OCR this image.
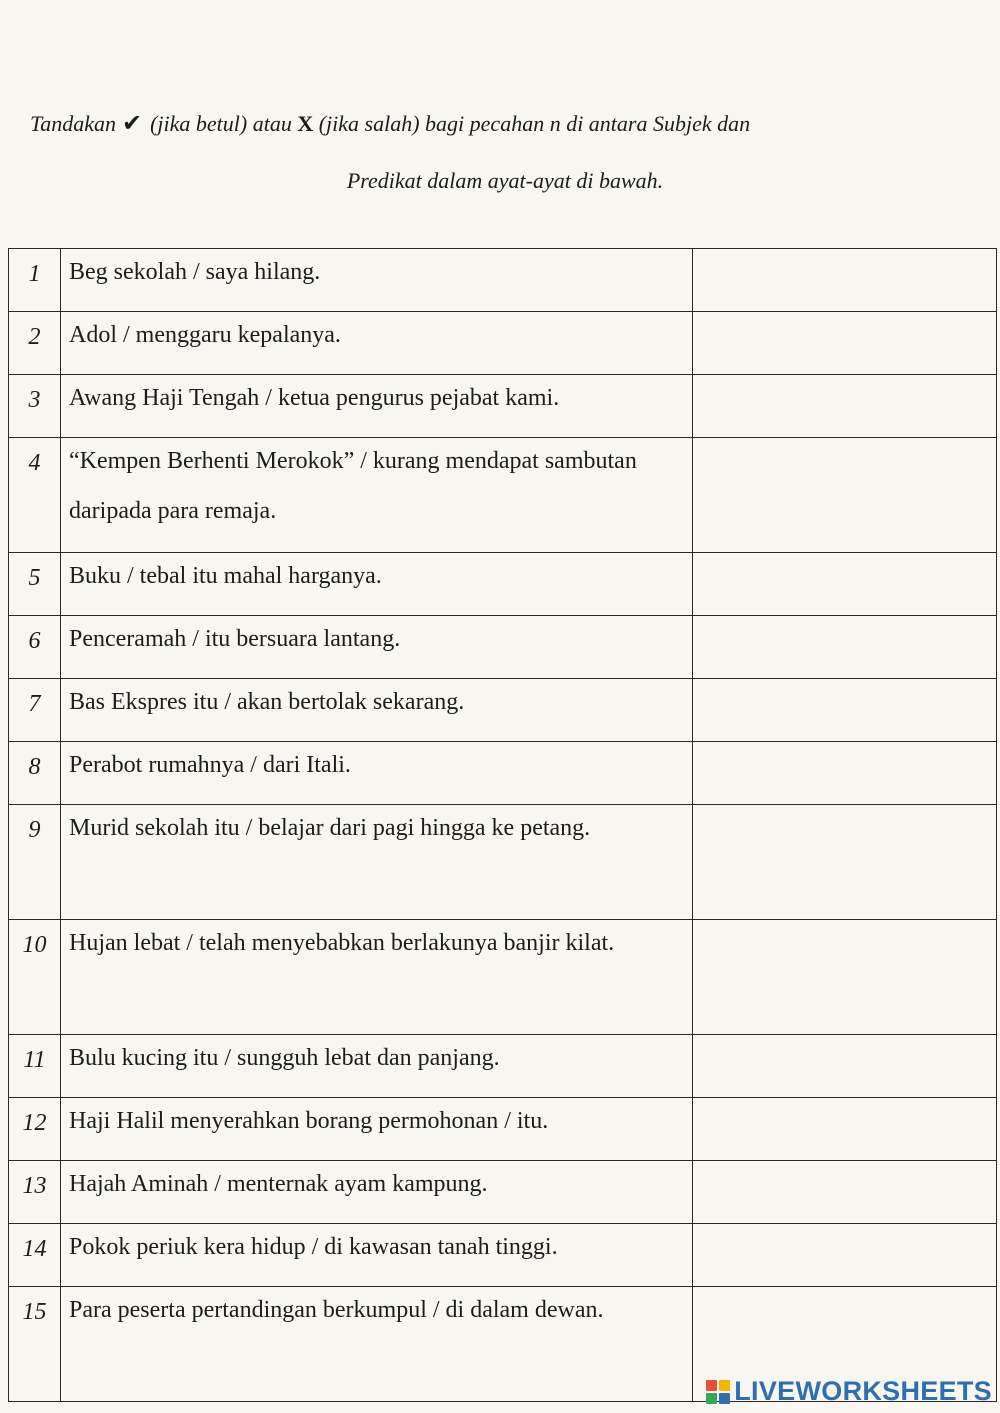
Tandakan ✔ (jika betul) atau X (jika salah) bagi pecahan n di antara Subjek dan
Predikat dalam ayat-ayat di bawah.
1	Beg sekolah / saya hilang.	
2	Adol / menggaru kepalanya.	
3	Awang Haji Tengah / ketua pengurus pejabat kami.	
4	“Kempen Berhenti Merokok” / kurang mendapat sambutan daripada para remaja.	
5	Buku / tebal itu mahal harganya.	
6	Penceramah / itu bersuara lantang.	
7	Bas Ekspres itu / akan bertolak sekarang.	
8	Perabot rumahnya / dari Itali.	
9	Murid sekolah itu / belajar dari pagi hingga ke petang.	
10	Hujan lebat / telah menyebabkan berlakunya banjir kilat.	
11	Bulu kucing itu / sungguh lebat dan panjang.	
12	Haji Halil menyerahkan borang permohonan / itu.	
13	Hajah Aminah / menternak ayam kampung.	
14	Pokok periuk kera hidup / di kawasan tanah tinggi.	
15	Para peserta pertandingan berkumpul / di dalam dewan.	
LIVEWORKSHEETS
